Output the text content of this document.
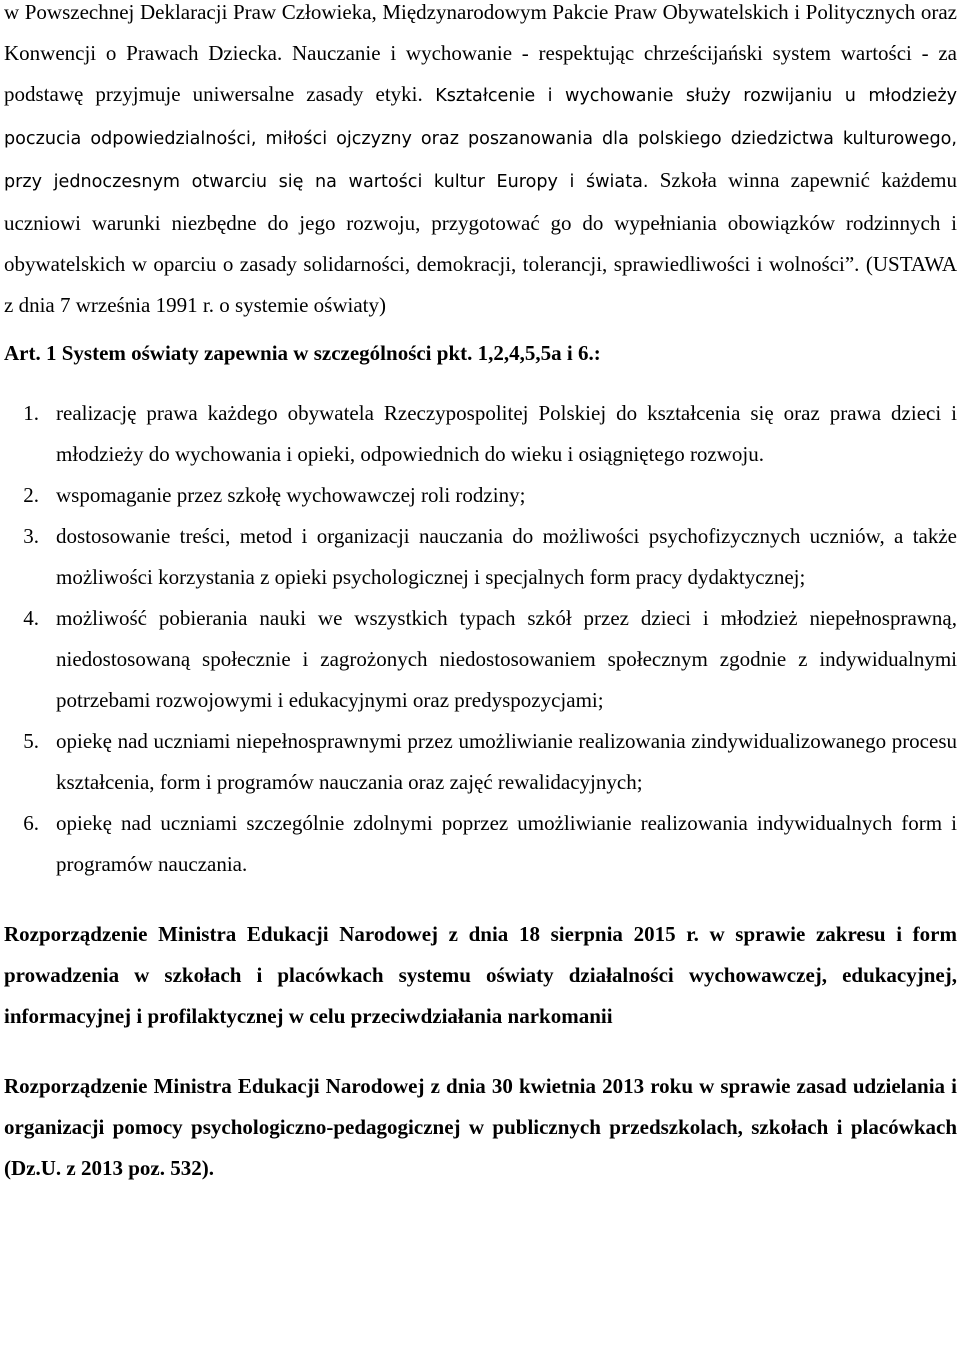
w Powszechnej Deklaracji Praw Człowieka, Międzynarodowym Pakcie Praw Obywatelskich i Politycznych oraz Konwencji o Prawach Dziecka. Nauczanie i wychowanie - respektując chrześcijański system wartości - za podstawę przyjmuje uniwersalne zasady etyki. Kształcenie i wychowanie służy rozwijaniu u młodzieży poczucia odpowiedzialności, miłości ojczyzny oraz poszanowania dla polskiego dziedzictwa kulturowego, przy jednoczesnym otwarciu się na wartości kultur Europy i świata. Szkoła winna zapewnić każdemu uczniowi warunki niezbędne do jego rozwoju, przygotować go do wypełniania obowiązków rodzinnych i obywatelskich w oparciu o zasady solidarności, demokracji, tolerancji, sprawiedliwości i wolności”. (USTAWA z dnia 7 września 1991 r. o systemie oświaty)

Art. 1 System oświaty zapewnia w szczególności pkt. 1,2,4,5,5a i 6.:

1. realizację prawa każdego obywatela Rzeczypospolitej Polskiej do kształcenia się oraz prawa dzieci i młodzieży do wychowania i opieki, odpowiednich do wieku i osiągniętego rozwoju.
2. wspomaganie przez szkołę wychowawczej roli rodziny;
3. dostosowanie treści, metod i organizacji nauczania do możliwości psychofizycznych uczniów, a także możliwości korzystania z opieki psychologicznej i specjalnych form pracy dydaktycznej;
4. możliwość pobierania nauki we wszystkich typach szkół przez dzieci i młodzież niepełnosprawną, niedostosowaną społecznie i zagrożonych niedostosowaniem społecznym zgodnie z indywidualnymi potrzebami rozwojowymi i edukacyjnymi oraz predyspozycjami;
5. opiekę nad uczniami niepełnosprawnymi przez umożliwianie realizowania zindywidualizowanego procesu kształcenia, form i programów nauczania oraz zajęć rewalidacyjnych;
6. opiekę nad uczniami szczególnie zdolnymi poprzez umożliwianie realizowania indywidualnych form i programów nauczania.

Rozporządzenie Ministra Edukacji Narodowej z dnia 18 sierpnia 2015 r. w sprawie zakresu i form prowadzenia w szkołach i placówkach systemu oświaty działalności wychowawczej, edukacyjnej, informacyjnej i profilaktycznej w celu przeciwdziałania narkomanii

Rozporządzenie Ministra Edukacji Narodowej z dnia 30 kwietnia 2013 roku w sprawie zasad udzielania i organizacji pomocy psychologiczno-pedagogicznej w publicznych przedszkolach, szkołach i placówkach (Dz.U. z 2013 poz. 532).
